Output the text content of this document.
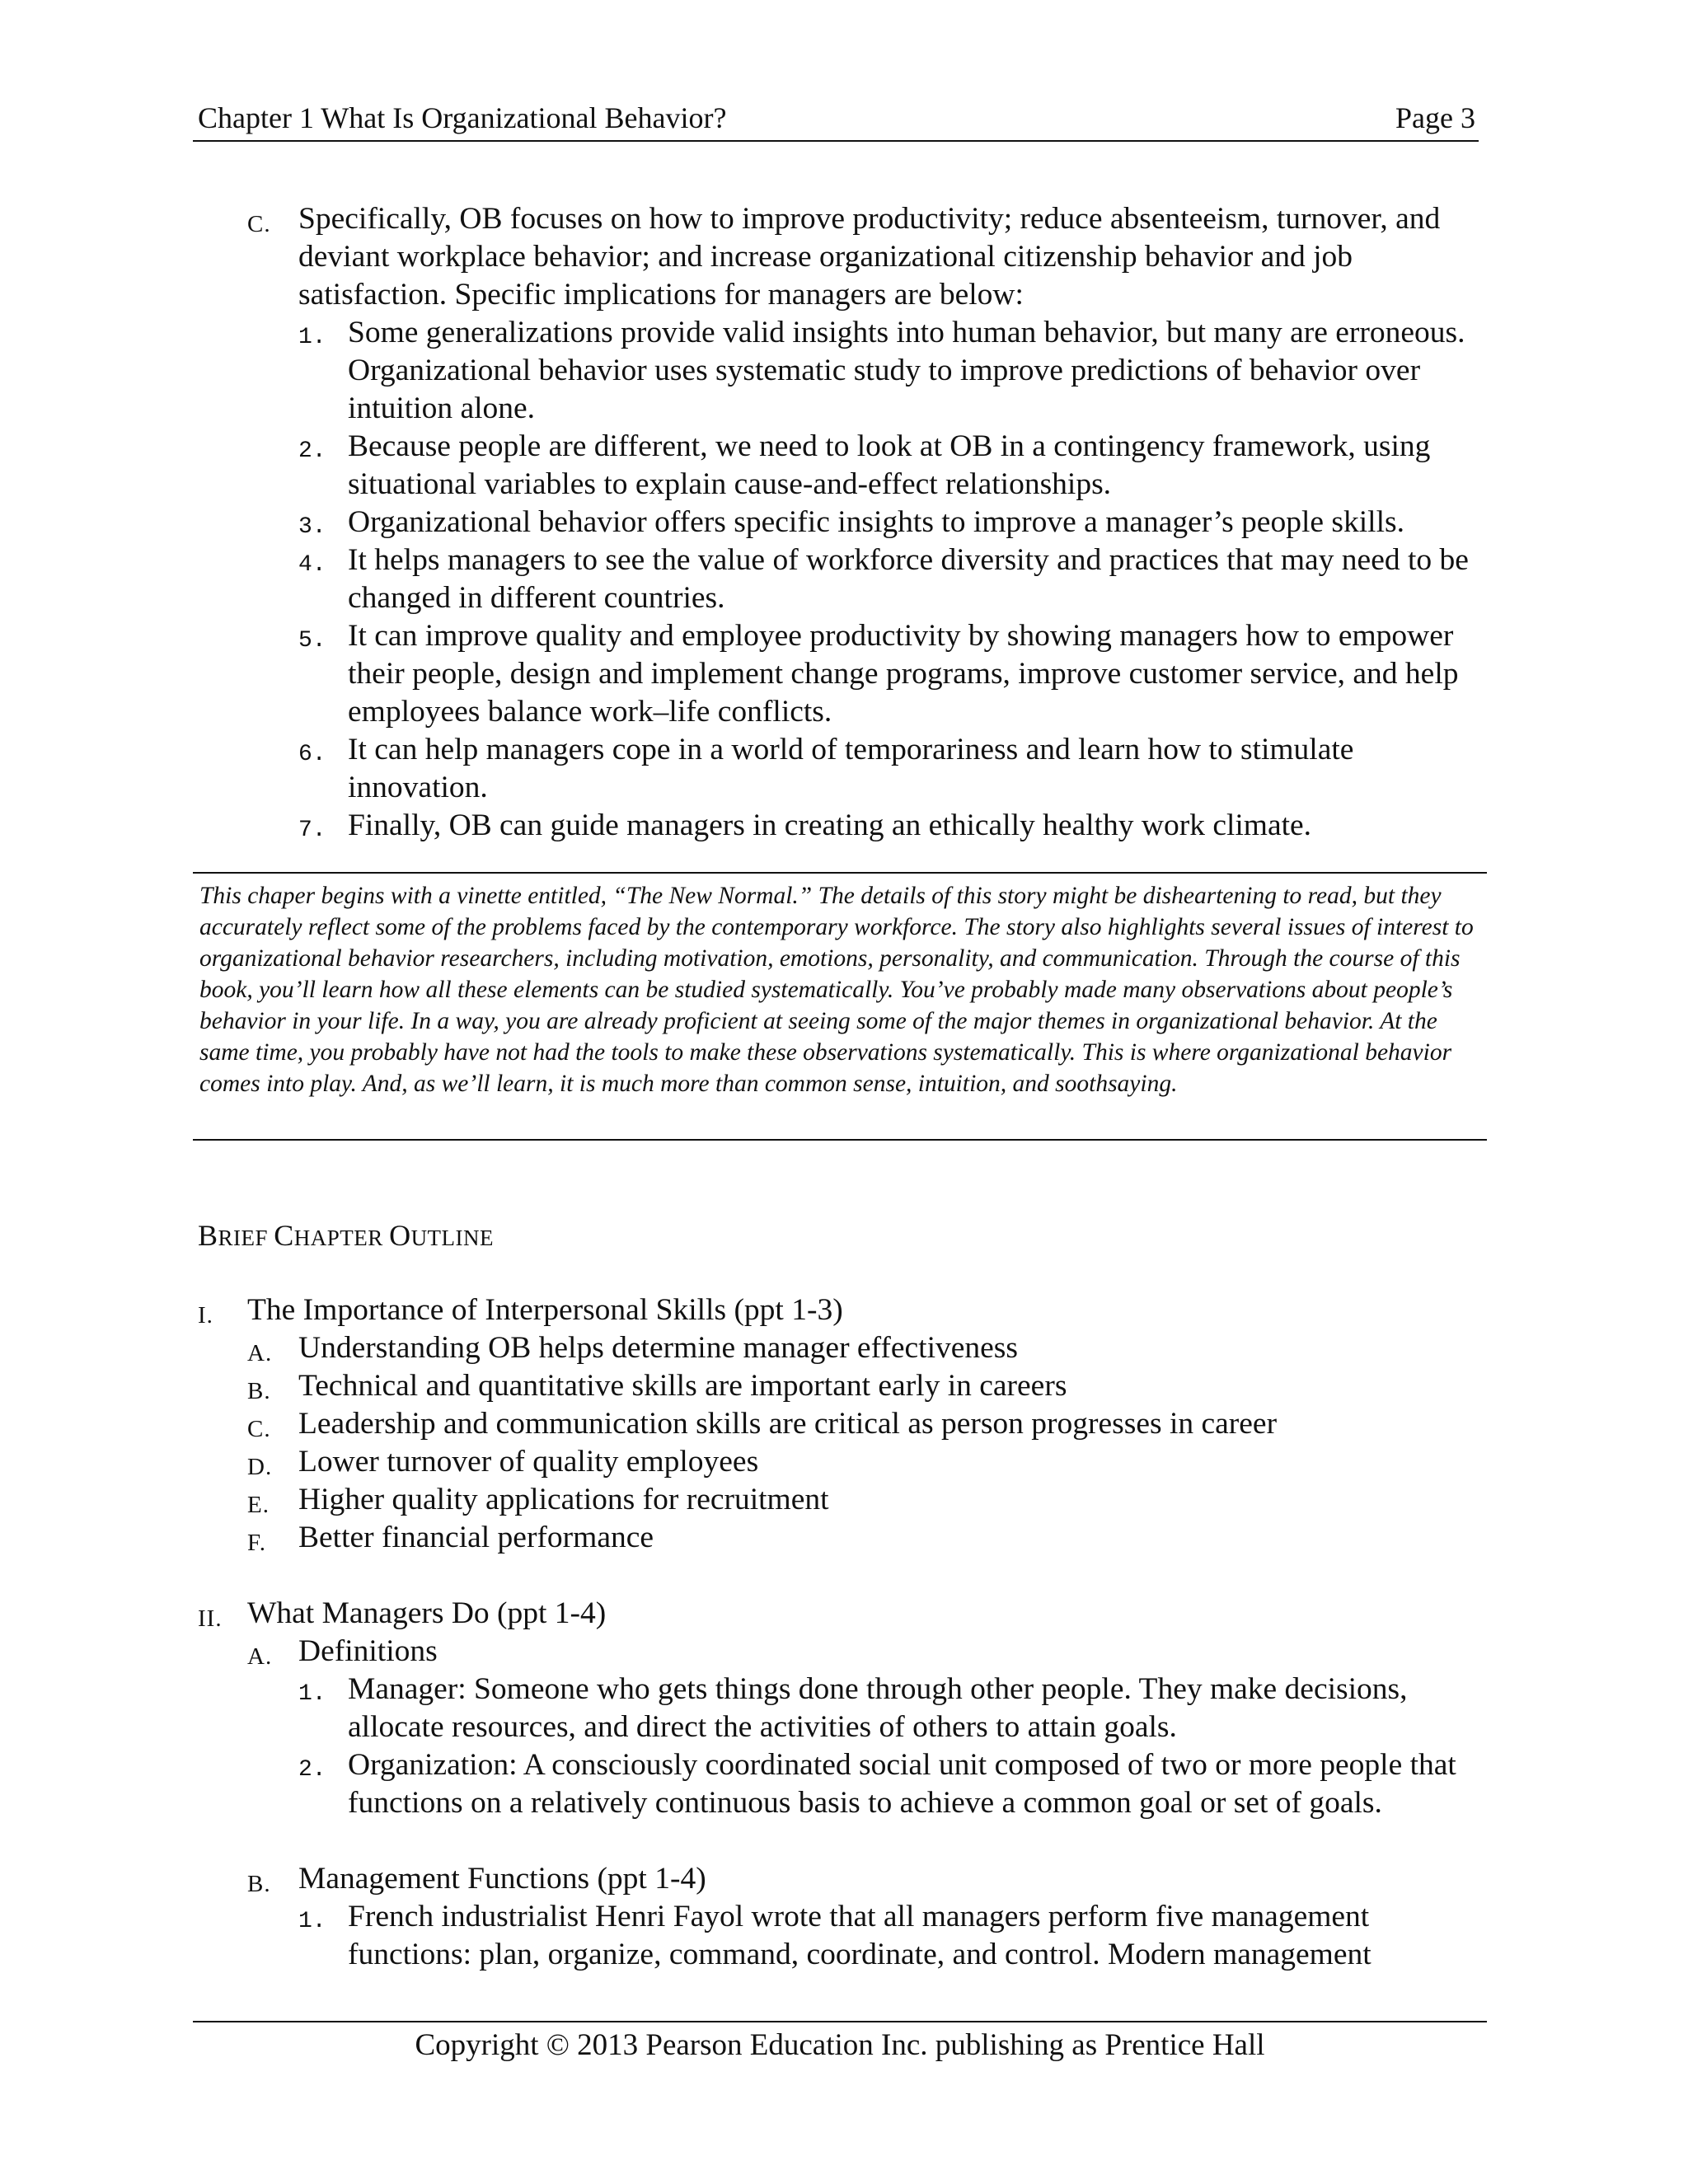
Chapter 1 What Is Organizational Behavior?	Page 3
C. Specifically, OB focuses on how to improve productivity; reduce absenteeism, turnover, and deviant workplace behavior; and increase organizational citizenship behavior and job satisfaction. Specific implications for managers are below:
1. Some generalizations provide valid insights into human behavior, but many are erroneous. Organizational behavior uses systematic study to improve predictions of behavior over intuition alone.
2. Because people are different, we need to look at OB in a contingency framework, using situational variables to explain cause-and-effect relationships.
3. Organizational behavior offers specific insights to improve a manager’s people skills.
4. It helps managers to see the value of workforce diversity and practices that may need to be changed in different countries.
5. It can improve quality and employee productivity by showing managers how to empower their people, design and implement change programs, improve customer service, and help employees balance work–life conflicts.
6. It can help managers cope in a world of temporariness and learn how to stimulate innovation.
7. Finally, OB can guide managers in creating an ethically healthy work climate.

This chaper begins with a vinette entitled, “The New Normal.” The details of this story might be disheartening to read, but they accurately reflect some of the problems faced by the contemporary workforce. The story also highlights several issues of interest to organizational behavior researchers, including motivation, emotions, personality, and communication. Through the course of this book, you’ll learn how all these elements can be studied systematically. You’ve probably made many observations about people’s behavior in your life. In a way, you are already proficient at seeing some of the major themes in organizational behavior. At the same time, you probably have not had the tools to make these observations systematically. This is where organizational behavior comes into play. And, as we’ll learn, it is much more than common sense, intuition, and soothsaying.

BRIEF CHAPTER OUTLINE
I. The Importance of Interpersonal Skills (ppt 1-3)
A. Understanding OB helps determine manager effectiveness
B. Technical and quantitative skills are important early in careers
C. Leadership and communication skills are critical as person progresses in career
D. Lower turnover of quality employees
E. Higher quality applications for recruitment
F. Better financial performance
II. What Managers Do (ppt 1-4)
A. Definitions
1. Manager: Someone who gets things done through other people. They make decisions, allocate resources, and direct the activities of others to attain goals.
2. Organization: A consciously coordinated social unit composed of two or more people that functions on a relatively continuous basis to achieve a common goal or set of goals.
B. Management Functions (ppt 1-4)
1. French industrialist Henri Fayol wrote that all managers perform five management functions: plan, organize, command, coordinate, and control. Modern management
Copyright © 2013 Pearson Education Inc. publishing as Prentice Hall
